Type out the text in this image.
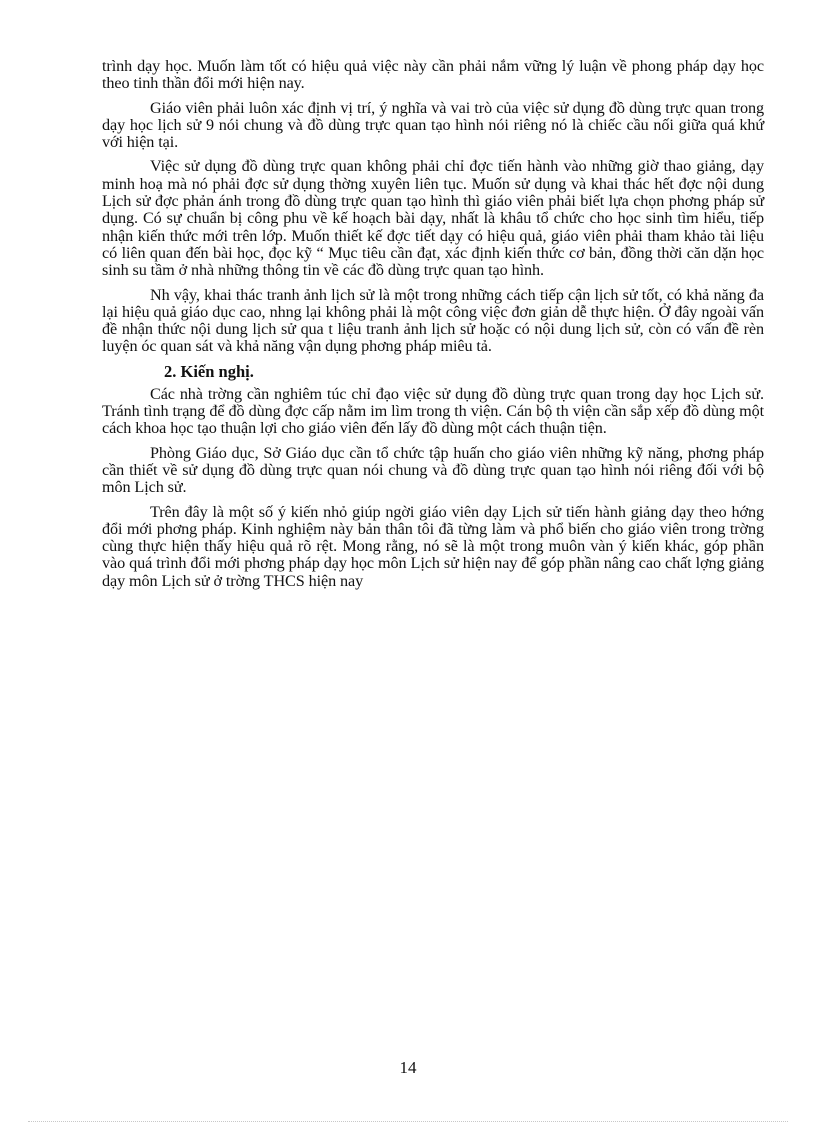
trình dạy học. Muốn làm tốt có hiệu quả việc này cần phải nắm vững lý luận về phong pháp dạy học theo tinh thần đổi mới hiện nay.

Giáo viên phải luôn xác định vị trí, ý nghĩa và vai trò của việc sử dụng đồ dùng trực quan trong dạy học lịch sử 9 nói chung và đồ dùng trực quan tạo hình nói riêng nó là chiếc cầu nối giữa quá khứ với hiện tại.

Việc sử dụng đồ dùng trực quan không phải chỉ đợc tiến hành vào những giờ thao giảng, dạy minh hoạ mà nó phải đợc sử dụng thờng xuyên liên tục. Muốn sử dụng và khai thác hết đợc nội dung Lịch sử đợc phản ánh trong đồ dùng trực quan tạo hình thì giáo viên phải biết lựa chọn phơng pháp sử dụng. Có sự chuẩn bị công phu về kế hoạch bài dạy, nhất là khâu tổ chức cho học sinh tìm hiểu, tiếp nhận kiến thức mới trên lớp. Muốn thiết kế đợc tiết dạy có hiệu quả, giáo viên phải tham khảo tài liệu có liên quan đến bài học, đọc kỹ “ Mục tiêu cần đạt, xác định kiến thức cơ bản, đồng thời căn dặn học sinh su tầm ở nhà những thông tin về các đồ dùng trực quan tạo hình.

Nh vậy, khai thác tranh ảnh lịch sử là một trong những cách tiếp cận lịch sử tốt, có khả năng đa lại hiệu quả giáo dục cao, nhng lại không phải là một công việc đơn giản dễ thực hiện. Ở đây ngoài vấn đề nhận thức nội dung lịch sử qua t liệu tranh ảnh lịch sử hoặc có nội dung lịch sử, còn có vấn đề rèn luyện óc quan sát và khả năng vận dụng phơng pháp miêu tả.

2. Kiến nghị.

Các nhà trờng cần nghiêm túc chỉ đạo việc sử dụng đồ dùng trực quan trong dạy học Lịch sử. Tránh tình trạng để đồ dùng đợc cấp nằm im lìm trong th viện. Cán bộ th viện cần sắp xếp đồ dùng một cách khoa học tạo thuận lợi cho giáo viên đến lấy đồ dùng một cách thuận tiện.

Phòng Giáo dục, Sở Giáo dục cần tổ chức tập huấn cho giáo viên những kỹ năng, phơng pháp cần thiết về sử dụng đồ dùng trực quan nói chung và đồ dùng trực quan tạo hình nói riêng đối với bộ môn Lịch sử.

Trên đây là một số ý kiến nhỏ giúp ngời giáo viên dạy Lịch sử tiến hành giảng dạy theo hớng đổi mới phơng pháp. Kinh nghiệm này bản thân tôi đã từng làm và phổ biến cho giáo viên trong trờng cùng thực hiện thấy hiệu quả rõ rệt. Mong rằng, nó sẽ là một trong muôn vàn ý kiến khác, góp phần vào quá trình đổi mới phơng pháp dạy học môn Lịch sử hiện nay để góp phần nâng cao chất lợng giảng dạy môn Lịch sử ở trờng THCS hiện nay

14
